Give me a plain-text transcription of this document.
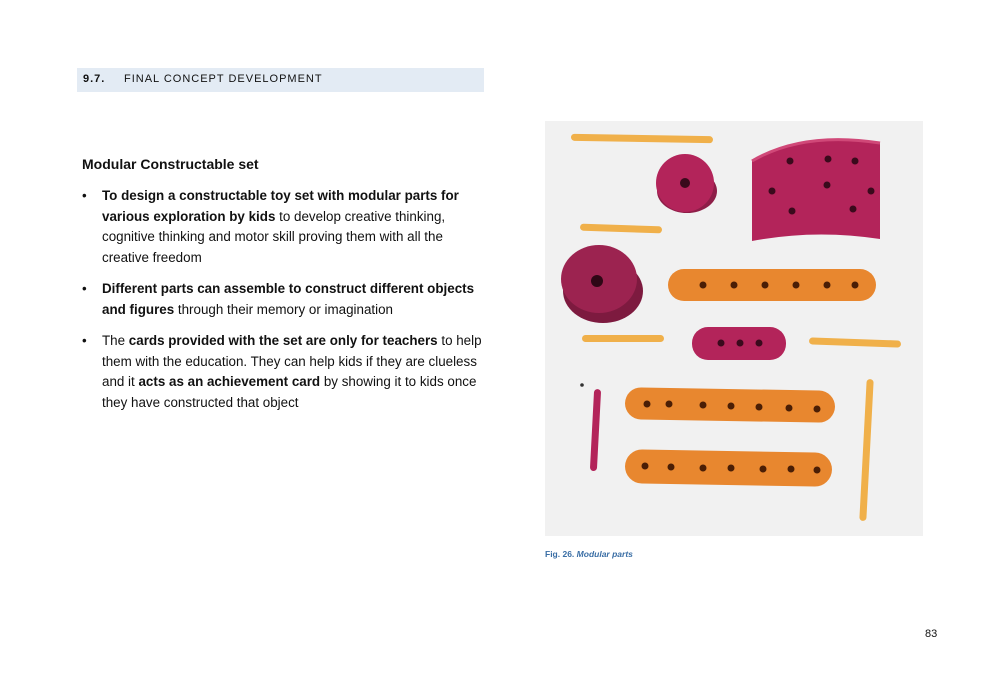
9.7. FINAL CONCEPT DEVELOPMENT
Modular Constructable set
• To design a constructable toy set with modular parts for various exploration by kids to develop creative thinking, cognitive thinking and motor skill proving them with all the creative freedom
• Different parts can assemble to construct different objects and figures through their memory or imagination
• The cards provided with the set are only for teachers to help them with the education. They can help kids if they are clueless and it acts as an achievement card by showing it to kids once they have constructed that object
Fig. 26. Modular parts
83
